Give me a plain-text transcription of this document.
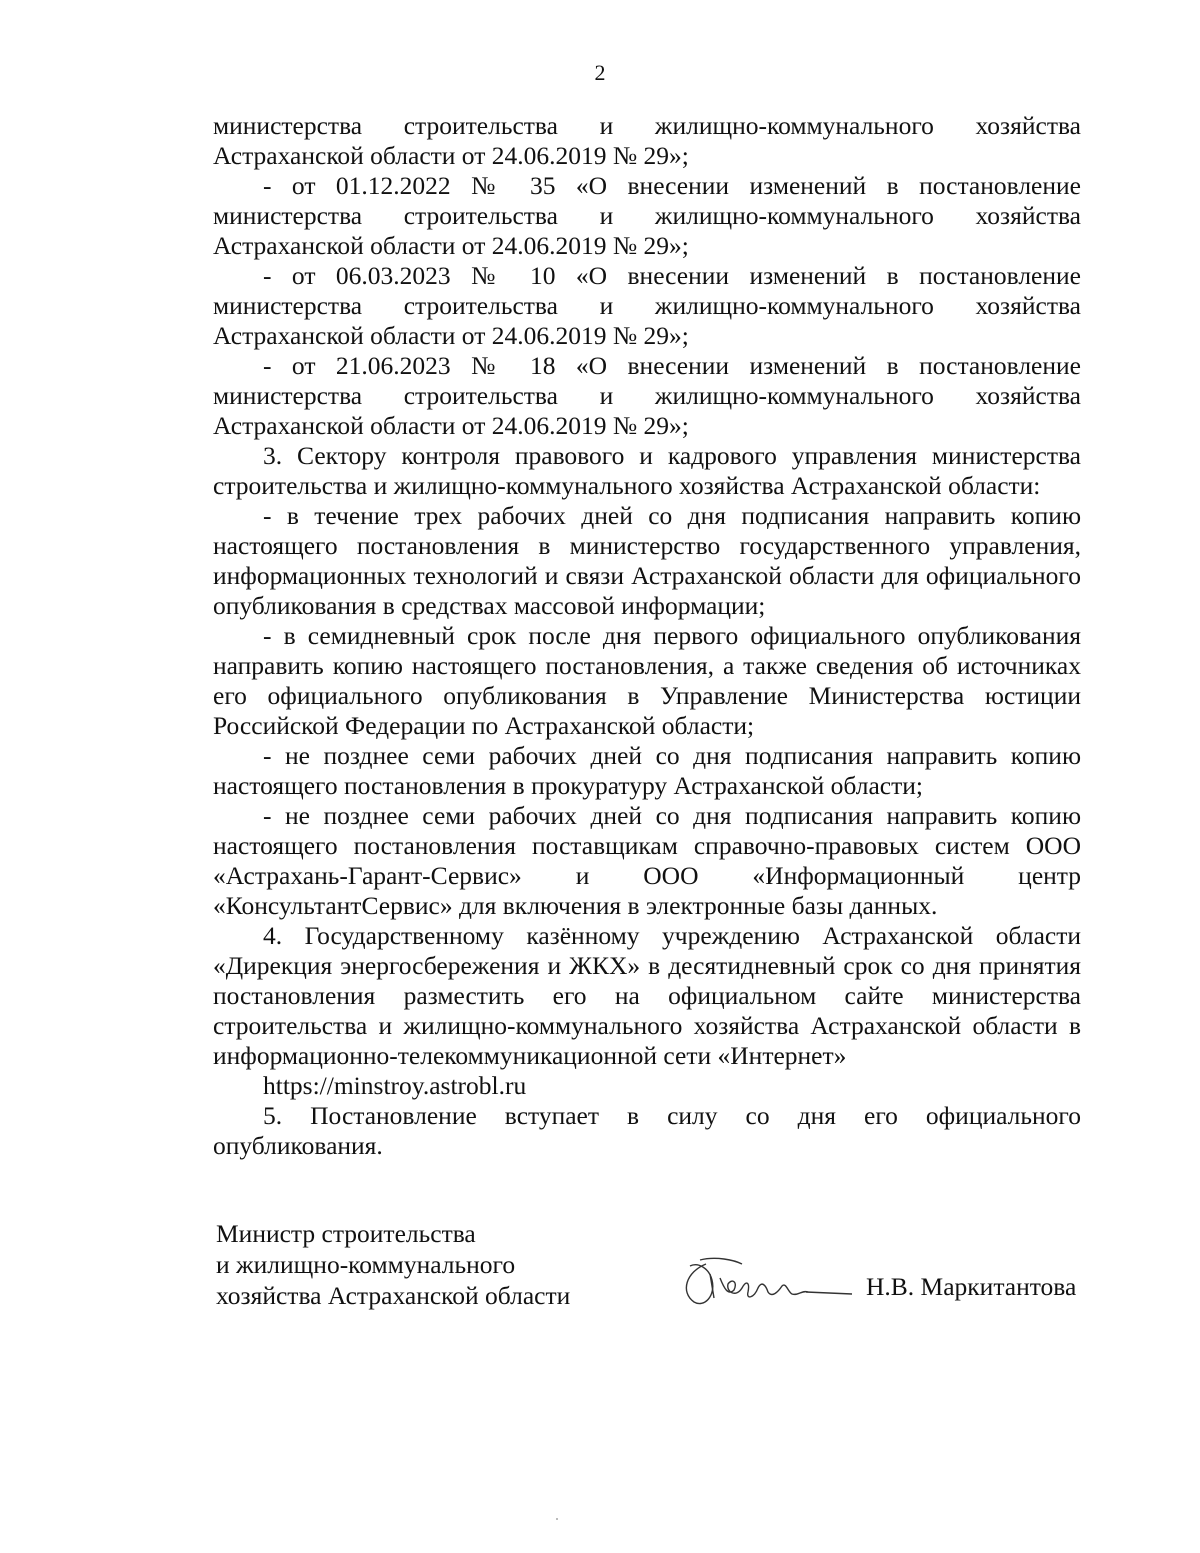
2

министерства строительства и жилищно-коммунального хозяйства Астраханской области от 24.06.2019 № 29»;

- от 01.12.2022 № 35 «О внесении изменений в постановление министерства строительства и жилищно-коммунального хозяйства Астраханской области от 24.06.2019 № 29»;

- от 06.03.2023 № 10 «О внесении изменений в постановление министерства строительства и жилищно-коммунального хозяйства Астраханской области от 24.06.2019 № 29»;

- от 21.06.2023 № 18 «О внесении изменений в постановление министерства строительства и жилищно-коммунального хозяйства Астраханской области от 24.06.2019 № 29»;

3. Сектору контроля правового и кадрового управления министерства строительства и жилищно-коммунального хозяйства Астраханской области:

- в течение трех рабочих дней со дня подписания направить копию настоящего постановления в министерство государственного управления, информационных технологий и связи Астраханской области для официального опубликования в средствах массовой информации;

- в семидневный срок после дня первого официального опубликования направить копию настоящего постановления, а также сведения об источниках его официального опубликования в Управление Министерства юстиции Российской Федерации по Астраханской области;

- не позднее семи рабочих дней со дня подписания направить копию настоящего постановления в прокуратуру Астраханской области;

- не позднее семи рабочих дней со дня подписания направить копию настоящего постановления поставщикам справочно-правовых систем ООО «Астрахань-Гарант-Сервис» и ООО «Информационный центр «КонсультантСервис» для включения в электронные базы данных.

4. Государственному казённому учреждению Астраханской области «Дирекция энергосбережения и ЖКХ» в десятидневный срок со дня принятия постановления разместить его на официальном сайте министерства строительства и жилищно-коммунального хозяйства Астраханской области в информационно-телекоммуникационной сети «Интернет»
https://minstroy.astrobl.ru

5. Постановление вступает в силу со дня его официального опубликования.

Министр строительства
и жилищно-коммунального
хозяйства Астраханской области	Н.В. Маркитантова
